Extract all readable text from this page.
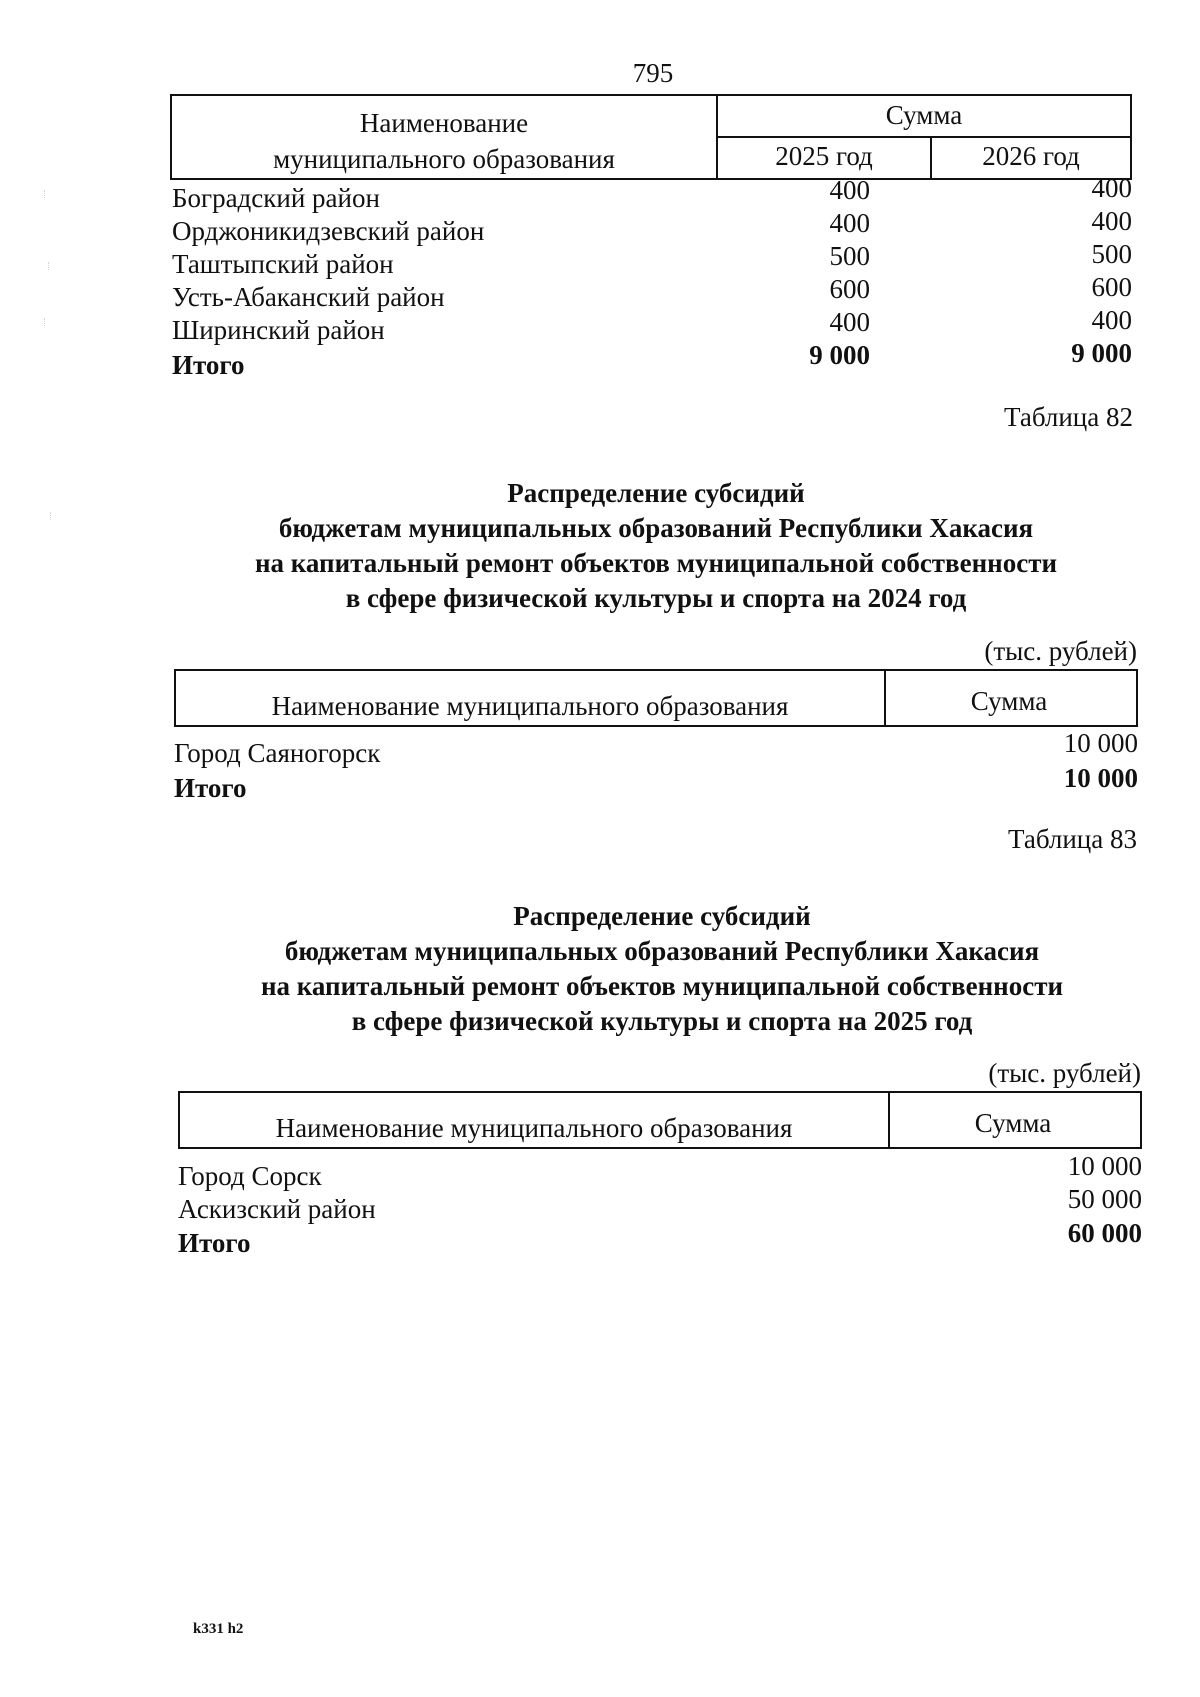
795
Наименование
муниципального образования
Сумма
2025 год	2026 год
Боградский район	400	400
Орджоникидзевский район	400	400
Таштыпский район	500	500
Усть-Абаканский район	600	600
Ширинский район	400	400
Итого	9 000	9 000
Таблица 82
Распределение субсидий
бюджетам муниципальных образований Республики Хакасия
на капитальный ремонт объектов муниципальной собственности
в сфере физической культуры и спорта на 2024 год
(тыс. рублей)
Наименование муниципального образования	Сумма
Город Саяногорск	10 000
Итого	10 000
Таблица 83
Распределение субсидий
бюджетам муниципальных образований Республики Хакасия
на капитальный ремонт объектов муниципальной собственности
в сфере физической культуры и спорта на 2025 год
(тыс. рублей)
Наименование муниципального образования	Сумма
Город Сорск	10 000
Аскизский район	50 000
Итого	60 000
k331 h2
